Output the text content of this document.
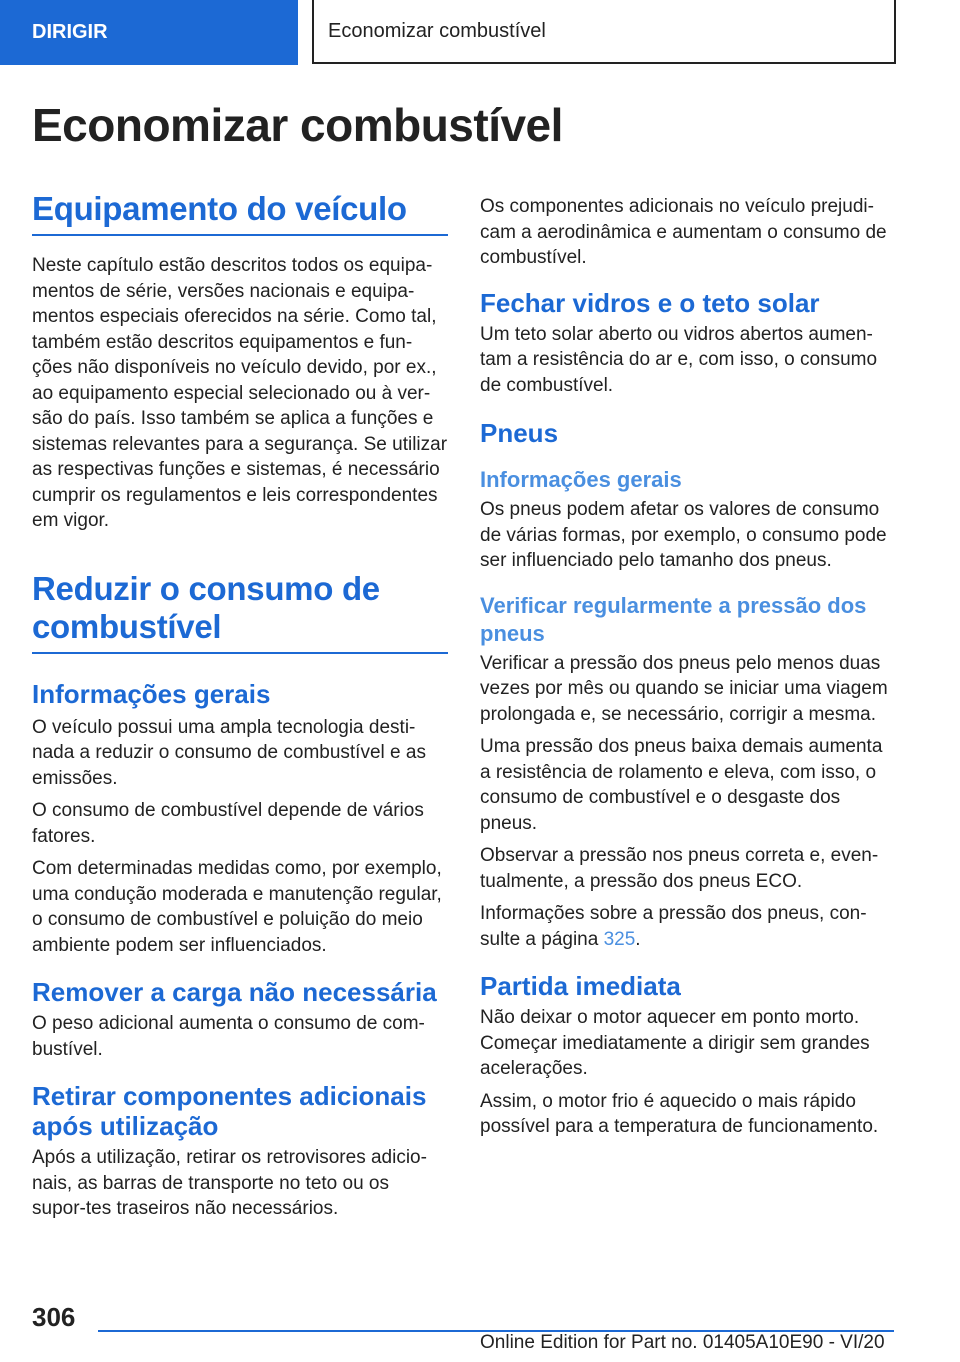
DIRIGIR	Economizar combustível
Economizar combustível
Equipamento do veículo

Neste capítulo estão descritos todos os equipa-mentos de série, versões nacionais e equipa-mentos especiais oferecidos na série. Como tal, também estão descritos equipamentos e fun-ções não disponíveis no veículo devido, por ex., ao equipamento especial selecionado ou à ver-são do país. Isso também se aplica a funções e sistemas relevantes para a segurança. Se utilizar as respectivas funções e sistemas, é necessário cumprir os regulamentos e leis correspondentes em vigor.

Reduzir o consumo de combustível
Informações gerais

O veículo possui uma ampla tecnologia desti-nada a reduzir o consumo de combustível e as emissões.

O consumo de combustível depende de vários fatores.

Com determinadas medidas como, por exemplo, uma condução moderada e manutenção regular, o consumo de combustível e poluição do meio ambiente podem ser influenciados.

Remover a carga não necessária

O peso adicional aumenta o consumo de com-bustível.

Retirar componentes adicionais após utilização

Após a utilização, retirar os retrovisores adicio-nais, as barras de transporte no teto ou os supor-tes traseiros não necessários.

Os componentes adicionais no veículo prejudi-cam a aerodinâmica e aumentam o consumo de combustível.

Fechar vidros e o teto solar

Um teto solar aberto ou vidros abertos aumen-tam a resistência do ar e, com isso, o consumo de combustível.

Pneus
Informações gerais

Os pneus podem afetar os valores de consumo de várias formas, por exemplo, o consumo pode ser influenciado pelo tamanho dos pneus.

Verificar regularmente a pressão dos pneus

Verificar a pressão dos pneus pelo menos duas vezes por mês ou quando se iniciar uma viagem prolongada e, se necessário, corrigir a mesma.

Uma pressão dos pneus baixa demais aumenta a resistência de rolamento e eleva, com isso, o consumo de combustível e o desgaste dos pneus.

Observar a pressão nos pneus correta e, even-tualmente, a pressão dos pneus ECO.

Informações sobre a pressão dos pneus, con-sulte a página 325.

Partida imediata

Não deixar o motor aquecer em ponto morto. Começar imediatamente a dirigir sem grandes acelerações.

Assim, o motor frio é aquecido o mais rápido possível para a temperatura de funcionamento.

306
Online Edition for Part no. 01405A10E90 - VI/20
